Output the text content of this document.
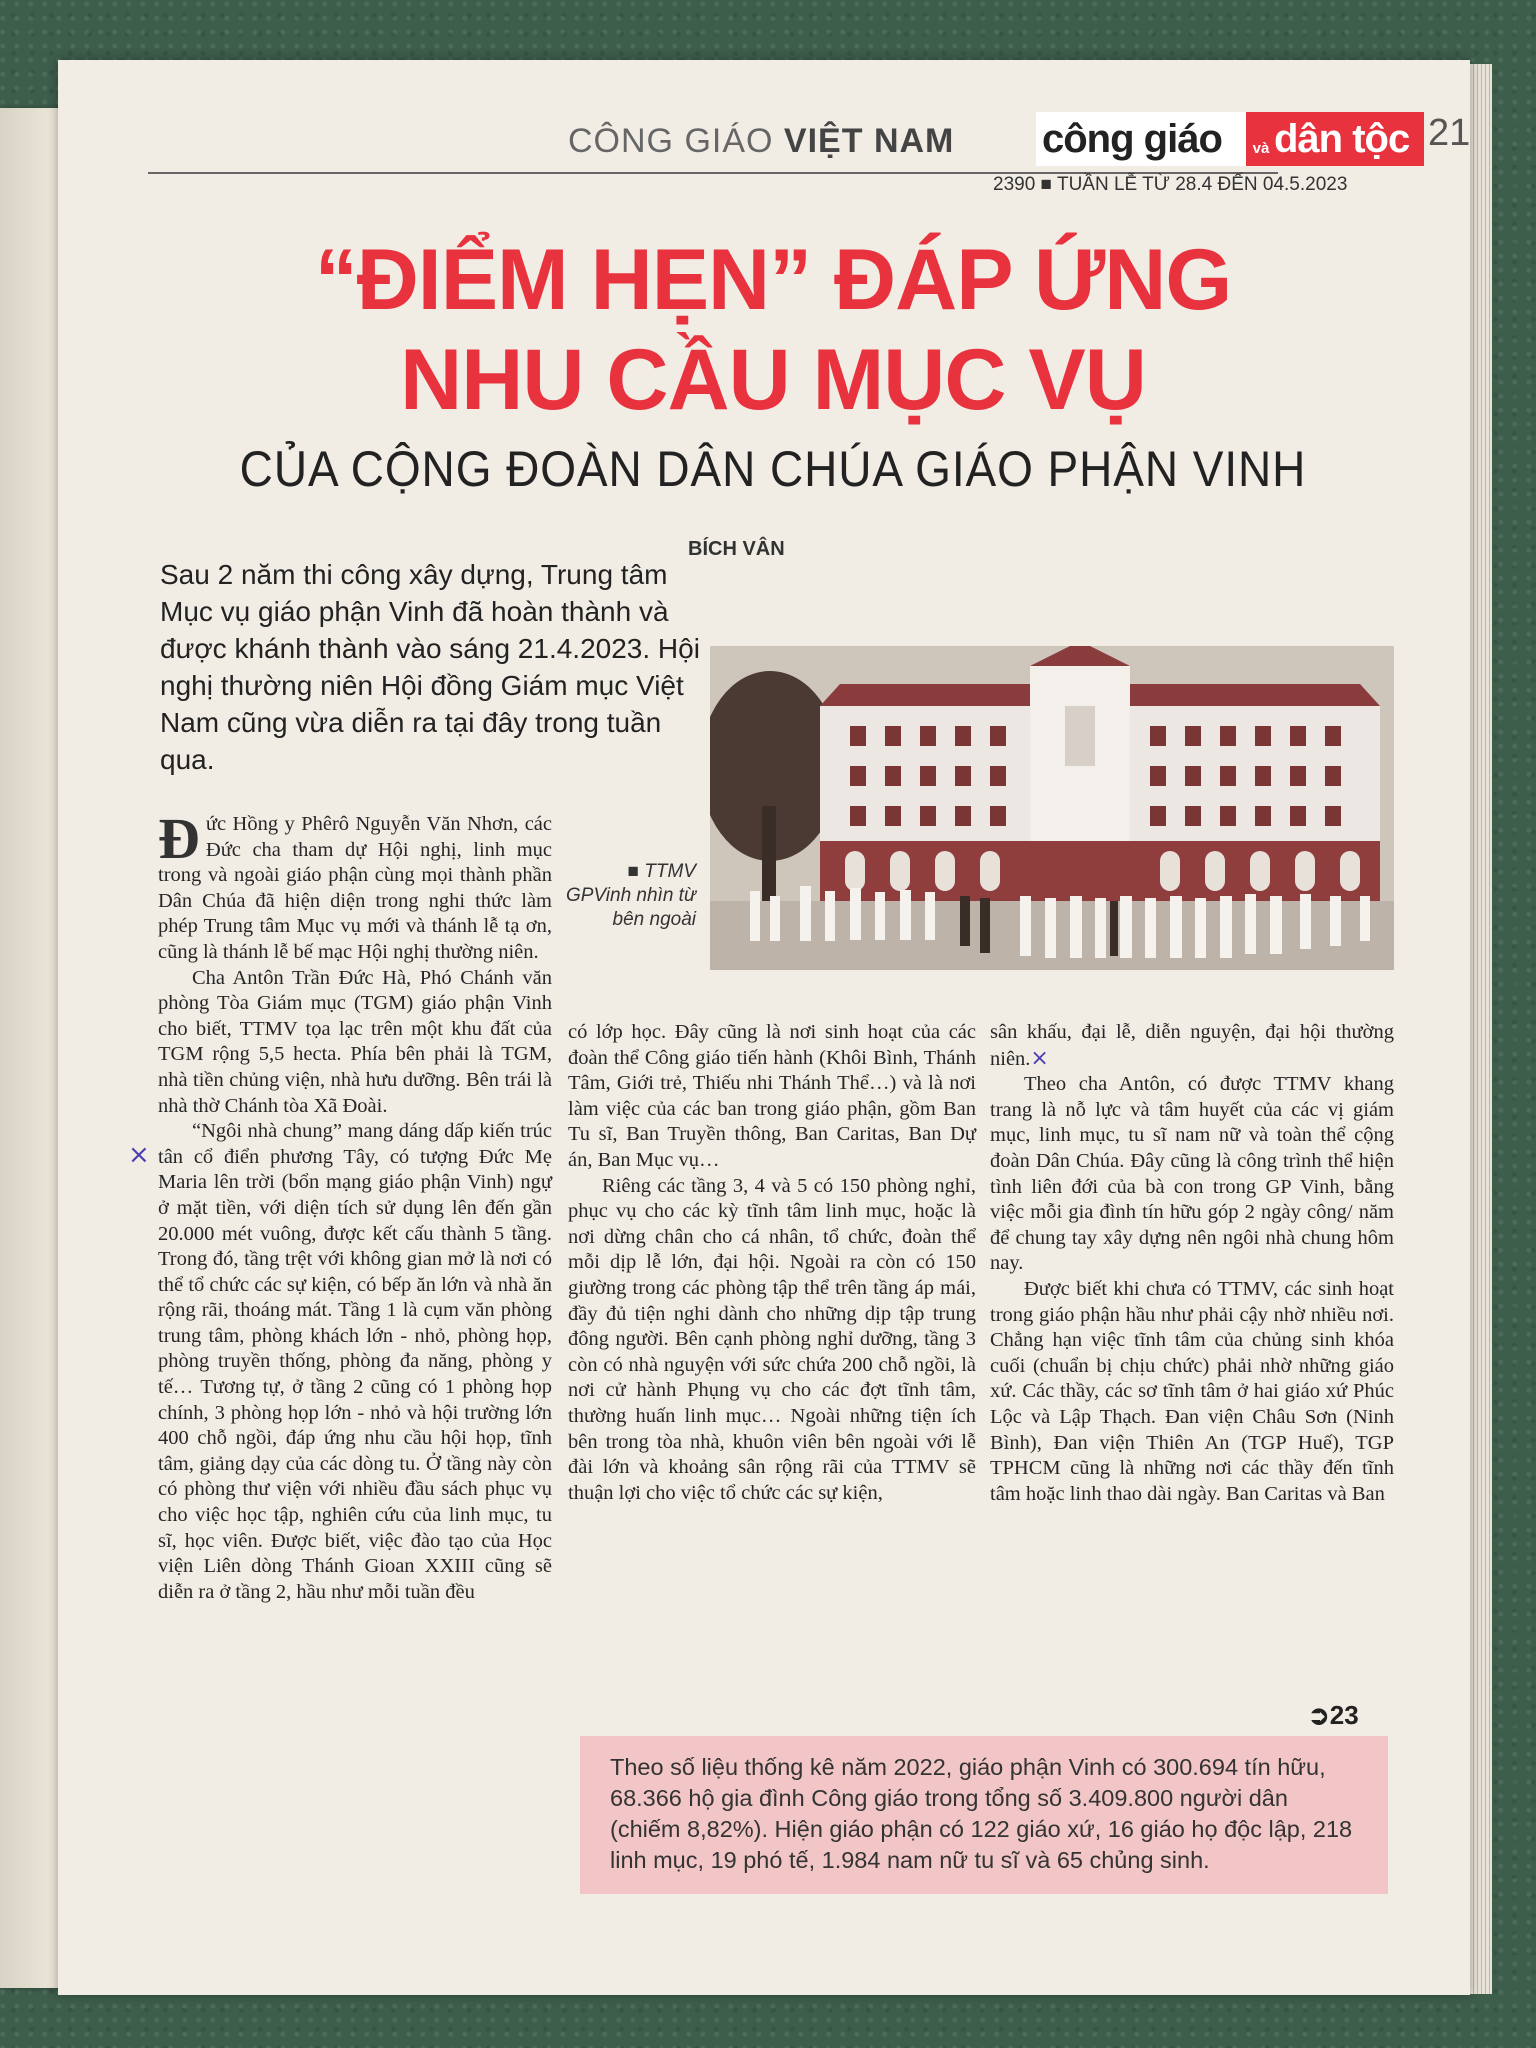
CÔNG GIÁO VIỆT NAM công giáo	và dân tộc 21
2390 ■ TUẦN LỄ TỪ 28.4 ĐẾN 04.5.2023
“ĐIỂM HẸN” ĐÁP ỨNG
NHU CẦU MỤC VỤ
CỦA CỘNG ĐOÀN DÂN CHÚA GIÁO PHẬN VINH
BÍCH VÂN
Sau 2 năm thi công xây dựng, Trung tâm Mục vụ giáo phận Vinh đã hoàn thành và được khánh thành vào sáng 21.4.2023. Hội nghị thường niên Hội đồng Giám mục Việt Nam cũng vừa diễn ra tại đây trong tuần qua.
■ TTMV GPVinh nhìn từ bên ngoài

Đức Hồng y Phêrô Nguyễn Văn Nhơn, các Đức cha tham dự Hội nghị, linh mục trong và ngoài giáo phận cùng mọi thành phần Dân Chúa đã hiện diện trong nghi thức làm phép Trung tâm Mục vụ mới và thánh lễ tạ ơn, cũng là thánh lễ bế mạc Hội nghị thường niên.

Cha Antôn Trần Đức Hà, Phó Chánh văn phòng Tòa Giám mục (TGM) giáo phận Vinh cho biết, TTMV tọa lạc trên một khu đất của TGM rộng 5,5 hecta. Phía bên phải là TGM, nhà tiền chủng viện, nhà hưu dưỡng. Bên trái là nhà thờ Chánh tòa Xã Đoài.

“Ngôi nhà chung” mang dáng dấp kiến trúc tân cổ điển phương Tây, có tượng Đức Mẹ Maria lên trời (bổn mạng giáo phận Vinh) ngự ở mặt tiền, với diện tích sử dụng lên đến gần 20.000 mét vuông, được kết cấu thành 5 tầng. Trong đó, tầng trệt với không gian mở là nơi có thể tổ chức các sự kiện, có bếp ăn lớn và nhà ăn rộng rãi, thoáng mát. Tầng 1 là cụm văn phòng trung tâm, phòng khách lớn - nhỏ, phòng họp, phòng truyền thống, phòng đa năng, phòng y tế… Tương tự, ở tầng 2 cũng có 1 phòng họp chính, 3 phòng họp lớn - nhỏ và hội trường lớn 400 chỗ ngồi, đáp ứng nhu cầu hội họp, tĩnh tâm, giảng dạy của các dòng tu. Ở tầng này còn có phòng thư viện với nhiều đầu sách phục vụ cho việc học tập, nghiên cứu của linh mục, tu sĩ, học viên. Được biết, việc đào tạo của Học viện Liên dòng Thánh Gioan XXIII cũng sẽ diễn ra ở tầng 2, hầu như mỗi tuần đều

×

có lớp học. Đây cũng là nơi sinh hoạt của các đoàn thể Công giáo tiến hành (Khôi Bình, Thánh Tâm, Giới trẻ, Thiếu nhi Thánh Thể…) và là nơi làm việc của các ban trong giáo phận, gồm Ban Tu sĩ, Ban Truyền thông, Ban Caritas, Ban Dự án, Ban Mục vụ…

Riêng các tầng 3, 4 và 5 có 150 phòng nghỉ, phục vụ cho các kỳ tĩnh tâm linh mục, hoặc là nơi dừng chân cho cá nhân, tổ chức, đoàn thể mỗi dịp lễ lớn, đại hội. Ngoài ra còn có 150 giường trong các phòng tập thể trên tầng áp mái, đầy đủ tiện nghi dành cho những dịp tập trung đông người. Bên cạnh phòng nghỉ dưỡng, tầng 3 còn có nhà nguyện với sức chứa 200 chỗ ngồi, là nơi cử hành Phụng vụ cho các đợt tĩnh tâm, thường huấn linh mục… Ngoài những tiện ích bên trong tòa nhà, khuôn viên bên ngoài với lễ đài lớn và khoảng sân rộng rãi của TTMV sẽ thuận lợi cho việc tổ chức các sự kiện,

sân khấu, đại lễ, diễn nguyện, đại hội thường niên.×

Theo cha Antôn, có được TTMV khang trang là nỗ lực và tâm huyết của các vị giám mục, linh mục, tu sĩ nam nữ và toàn thể cộng đoàn Dân Chúa. Đây cũng là công trình thể hiện tình liên đới của bà con trong GP Vinh, bằng việc mỗi gia đình tín hữu góp 2 ngày công/ năm để chung tay xây dựng nên ngôi nhà chung hôm nay.

Được biết khi chưa có TTMV, các sinh hoạt trong giáo phận hầu như phải cậy nhờ nhiều nơi. Chẳng hạn việc tĩnh tâm của chủng sinh khóa cuối (chuẩn bị chịu chức) phải nhờ những giáo xứ. Các thầy, các sơ tĩnh tâm ở hai giáo xứ Phúc Lộc và Lập Thạch. Đan viện Châu Sơn (Ninh Bình), Đan viện Thiên An (TGP Huế), TGP TPHCM cũng là những nơi các thầy đến tĩnh tâm hoặc linh thao dài ngày. Ban Caritas và Ban

➲23
Theo số liệu thống kê năm 2022, giáo phận Vinh có 300.694 tín hữu, 68.366 hộ gia đình Công giáo trong tổng số 3.409.800 người dân (chiếm 8,82%). Hiện giáo phận có 122 giáo xứ, 16 giáo họ độc lập, 218 linh mục, 19 phó tế, 1.984 nam nữ tu sĩ và 65 chủng sinh.
